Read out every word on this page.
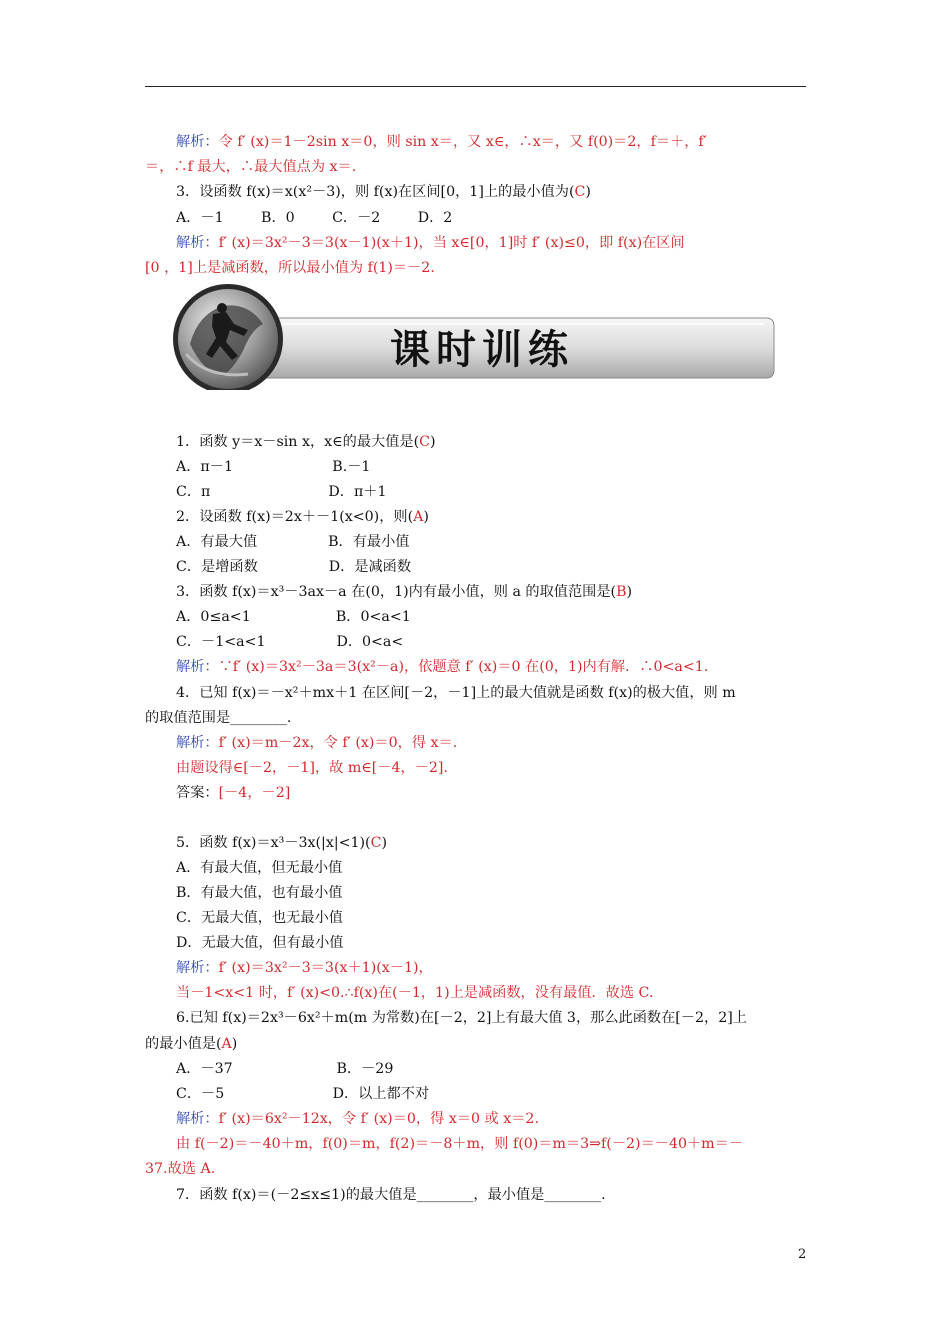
解析：令 f′ (x)＝1－2sin x＝0，则 sin x＝，又 x∈，∴x＝，又 f(0)＝2，f＝＋，f′
＝，∴f 最大，∴最大值点为 x＝.
3．设函数 f(x)＝x(x²－3)，则 f(x)在区间[0，1]上的最小值为(C)
A．－1　　  B．0　　  C．－2　　  D．2
解析：f′ (x)＝3x²－3＝3(x－1)(x＋1)，当 x∈[0，1]时 f′ (x)≤0，即 f(x)在区间
[0 ，1]上是减函数，所以最小值为 f(1)＝－2.
1．函数 y＝x－sin x，x∈的最大值是(C)
A．π－1　　　　　　　B.－1
C．π　　　　　　　　 D．π＋1
2．设函数 f(x)＝2x＋－1(x<0)，则(A)
A．有最大值　　　　　B．有最小值
C．是增函数　　　　　D．是减函数
3．函数 f(x)＝x³－3ax－a 在(0，1)内有最小值，则 a 的取值范围是(B)
A．0≤a<1　　　　　　B．0<a<1
C．－1<a<1　　　　　D．0<a<
解析：∵f′ (x)＝3x²－3a＝3(x²－a)，依题意 f′ (x)＝0 在(0，1)内有解．∴0<a<1.
4．已知 f(x)＝－x²＋mx＋1 在区间[－2，－1]上的最大值就是函数 f(x)的极大值，则 m
的取值范围是________.
解析：f′ (x)＝m－2x，令 f′ (x)＝0，得 x＝.
由题设得∈[－2，－1]，故 m∈[－4，－2].
答案：[－4，－2]
5．函数 f(x)＝x³－3x(|x|<1)(C)
A．有最大值，但无最小值
B．有最大值，也有最小值
C．无最大值，也无最小值
D．无最大值，但有最小值
解析：f′ (x)＝3x²－3＝3(x＋1)(x－1)，
当－1<x<1 时，f′ (x)<0.∴f(x)在(－1，1)上是减函数，没有最值．故选 C.
6.已知 f(x)＝2x³－6x²＋m(m 为常数)在[－2，2]上有最大值 3，那么此函数在[－2，2]上
的最小值是(A)
A．－37　　　　　　　 B．－29
C．－5　　　　　　　  D．以上都不对
解析：f′ (x)＝6x²－12x，令 f′ (x)＝0，得 x＝0 或 x＝2.
由 f(－2)＝－40＋m，f(0)＝m，f(2)＝－8＋m，则 f(0)＝m＝3⇒f(－2)＝－40＋m＝－
37.故选 A.
7．函数 f(x)＝(－2≤x≤1)的最大值是________，最小值是________.
课时训练
2
